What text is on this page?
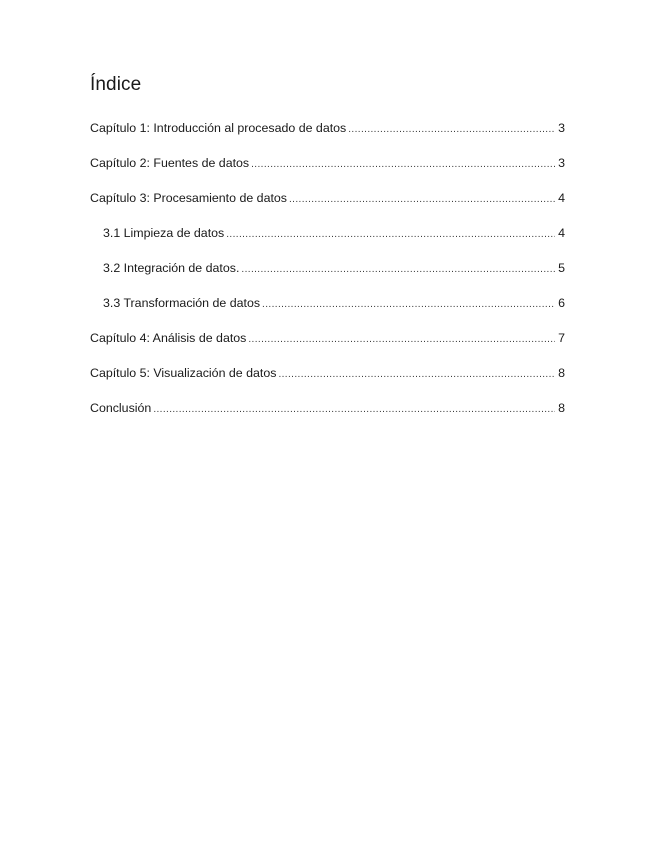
Índice
Capítulo 1: Introducción al procesado de datos .....	3
Capítulo 2: Fuentes de datos .....	3
Capítulo 3: Procesamiento de datos .....	4
3.1 Limpieza de datos .....	4
3.2 Integración de datos. .....	5
3.3 Transformación de datos .....	6
Capítulo 4: Análisis de datos .....	7
Capítulo 5: Visualización de datos .....	8
Conclusión .....	8
